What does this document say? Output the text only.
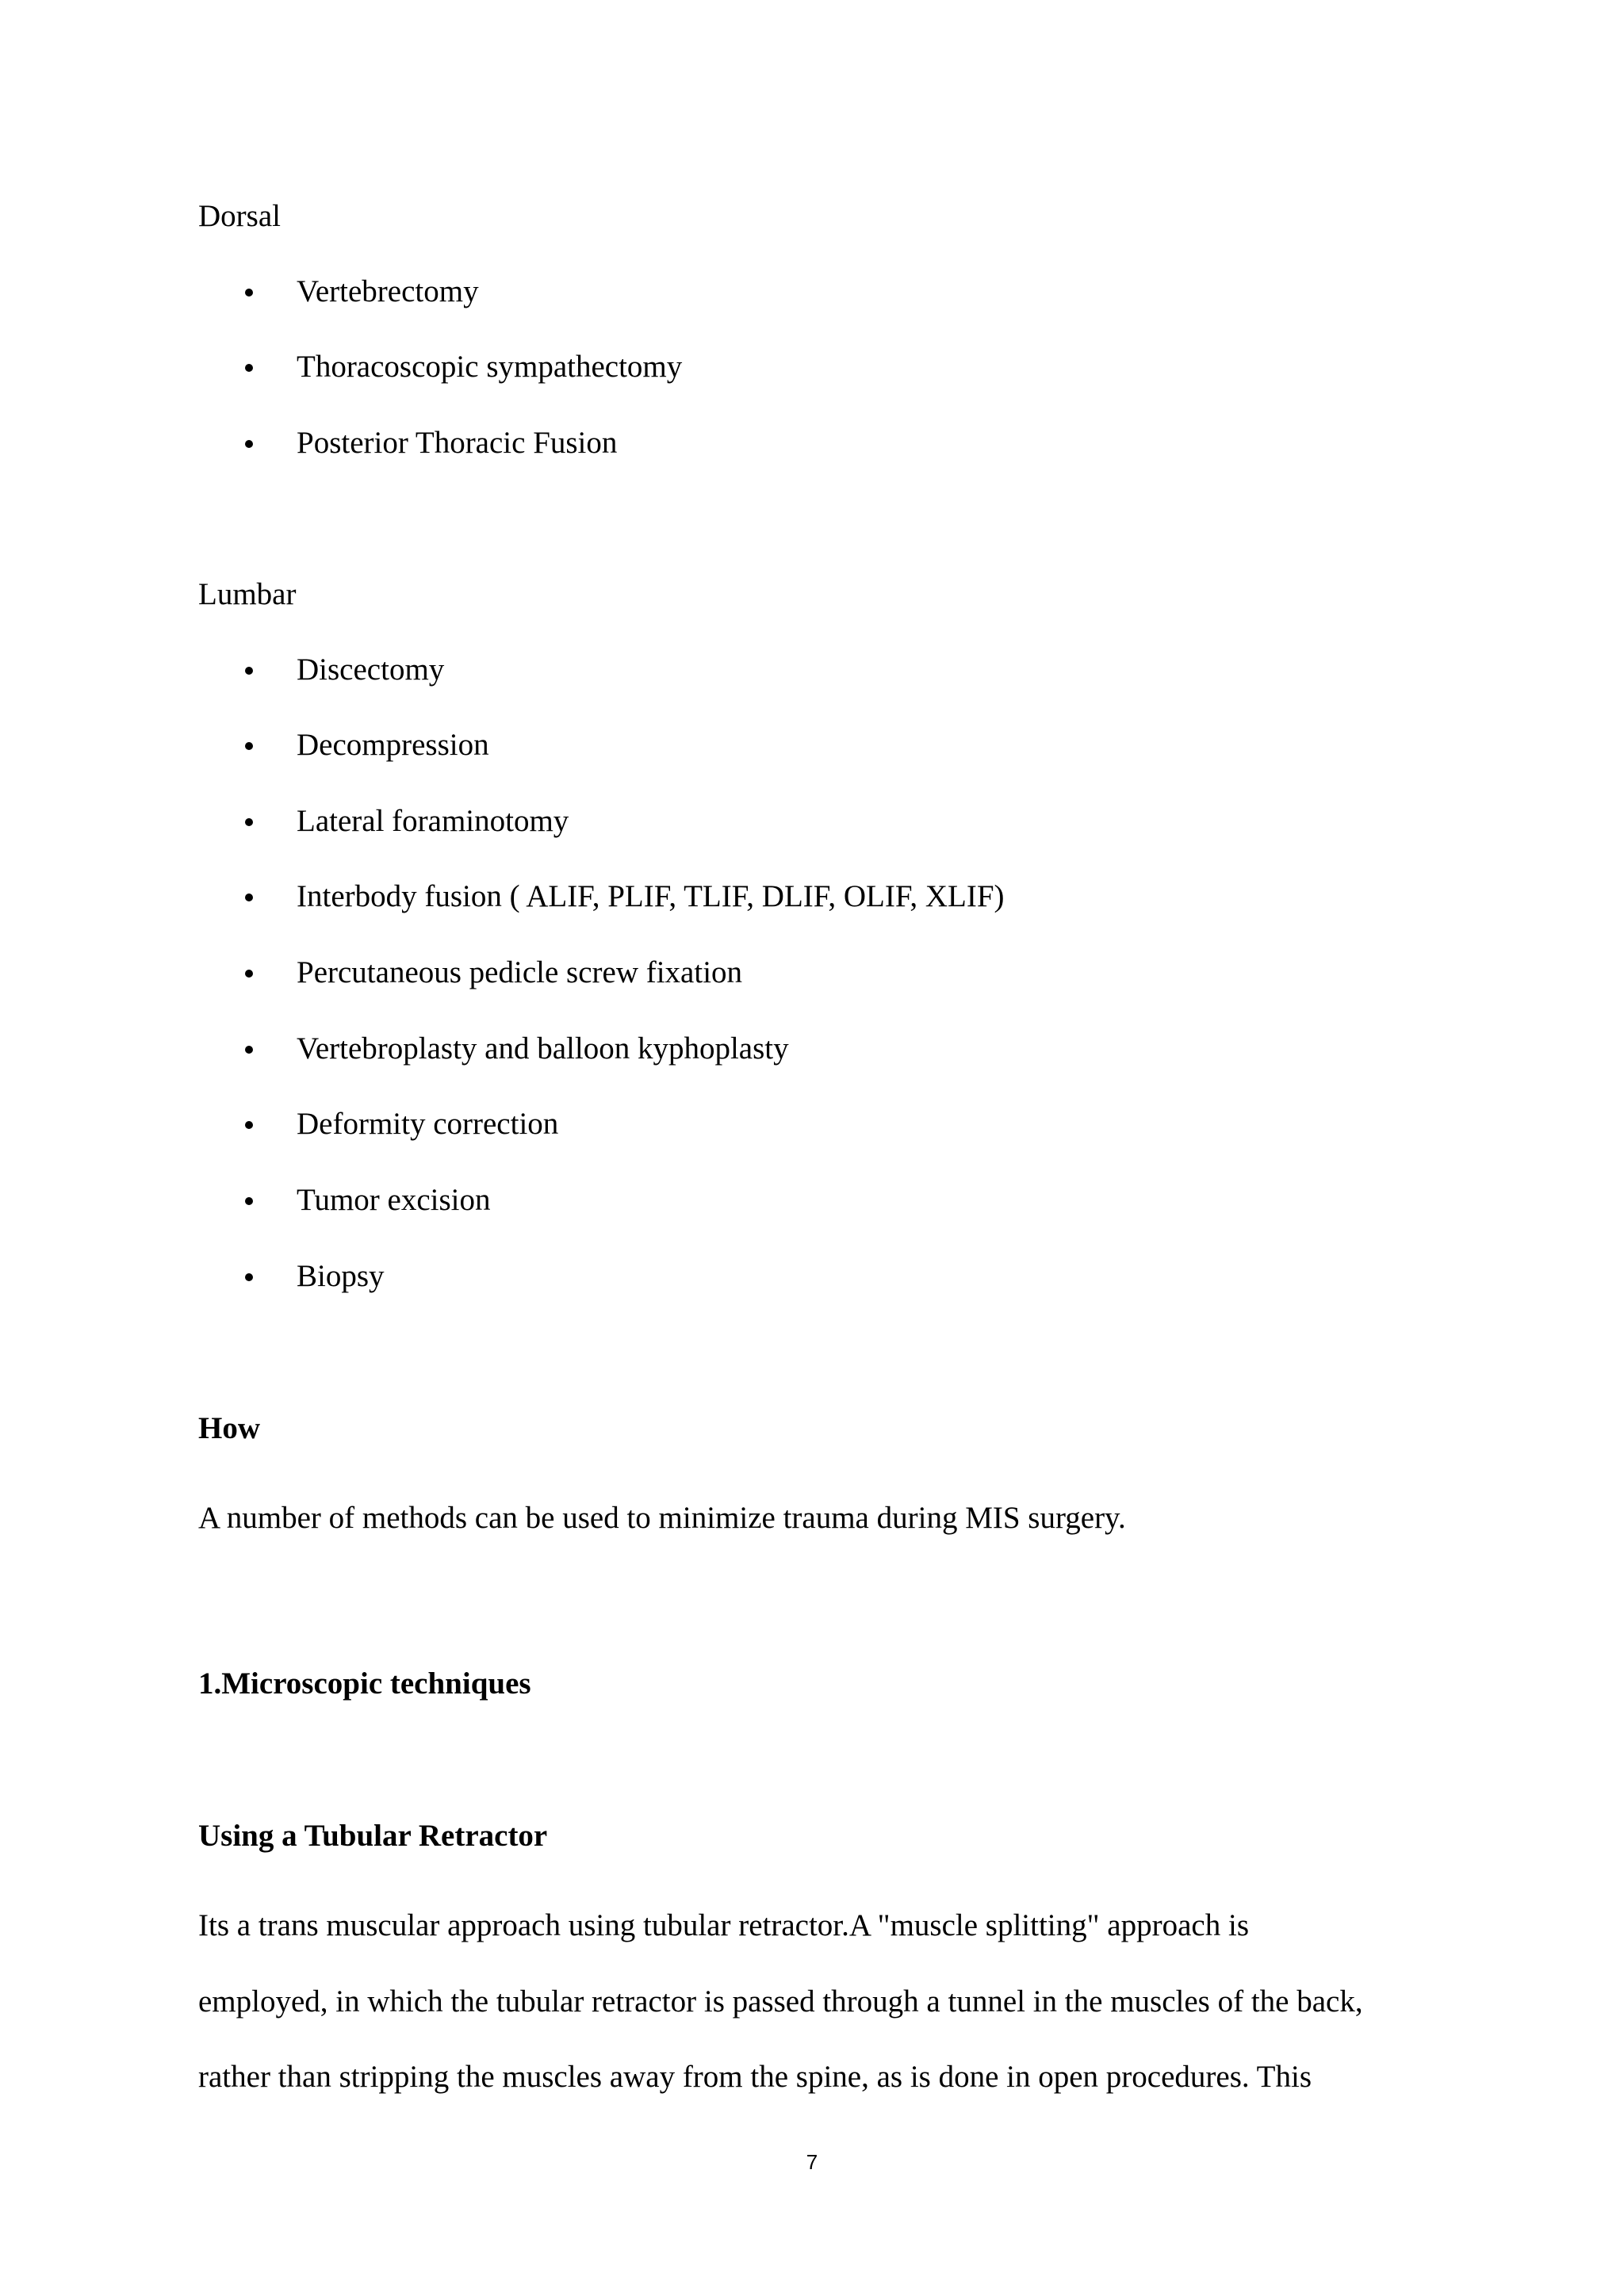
Dorsal
Vertebrectomy
Thoracoscopic sympathectomy
Posterior Thoracic Fusion
Lumbar
Discectomy
Decompression
Lateral foraminotomy
Interbody fusion ( ALIF, PLIF, TLIF, DLIF, OLIF, XLIF)
Percutaneous pedicle screw fixation
Vertebroplasty and balloon kyphoplasty
Deformity correction
Tumor excision
Biopsy
How
A number of methods can be used to minimize trauma during MIS surgery.
1.Microscopic techniques
Using a Tubular Retractor
Its a trans muscular approach using tubular retractor.A "muscle splitting" approach is
employed, in which the tubular retractor is passed through a tunnel in the muscles of the back,
rather than stripping the muscles away from the spine, as is done in open procedures. This
7
